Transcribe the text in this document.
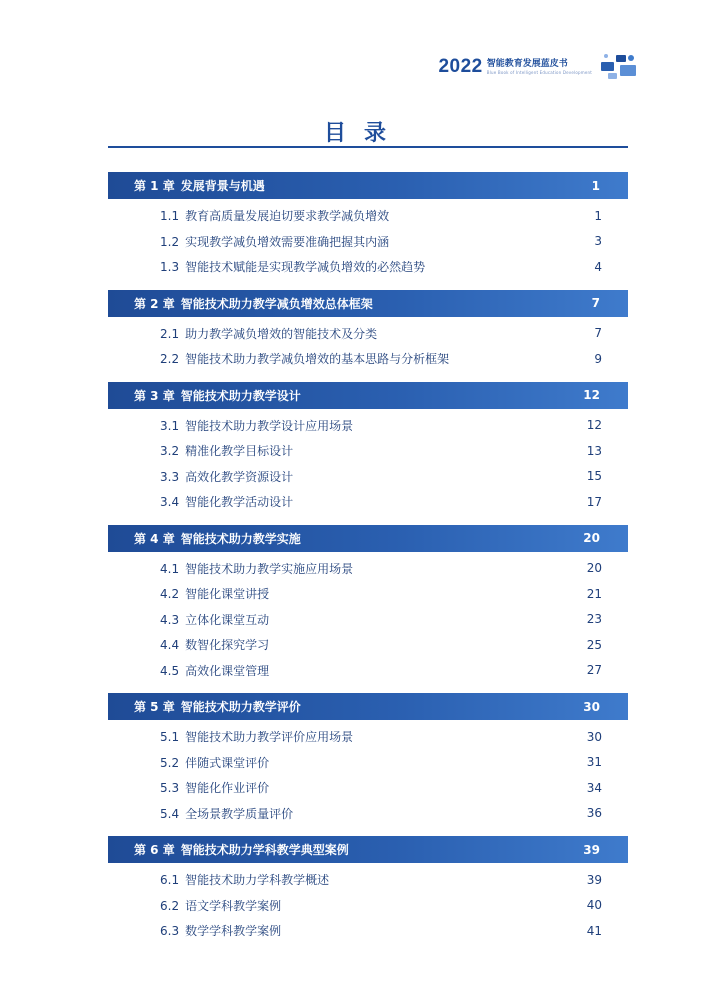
2022 智能教育发展蓝皮书
Blue Book of Intelligent Education Development
目录
第 1 章 发展背景与机遇	1
1.1 教育高质量发展迫切要求教学减负增效	1
1.2 实现教学减负增效需要准确把握其内涵	3
1.3 智能技术赋能是实现教学减负增效的必然趋势	4
第 2 章 智能技术助力教学减负增效总体框架	7
2.1 助力教学减负增效的智能技术及分类	7
2.2 智能技术助力教学减负增效的基本思路与分析框架	9
第 3 章 智能技术助力教学设计	12
3.1 智能技术助力教学设计应用场景	12
3.2 精准化教学目标设计	13
3.3 高效化教学资源设计	15
3.4 智能化教学活动设计	17
第 4 章 智能技术助力教学实施	20
4.1 智能技术助力教学实施应用场景	20
4.2 智能化课堂讲授	21
4.3 立体化课堂互动	23
4.4 数智化探究学习	25
4.5 高效化课堂管理	27
第 5 章 智能技术助力教学评价	30
5.1 智能技术助力教学评价应用场景	30
5.2 伴随式课堂评价	31
5.3 智能化作业评价	34
5.4 全场景教学质量评价	36
第 6 章 智能技术助力学科教学典型案例	39
6.1 智能技术助力学科教学概述	39
6.2 语文学科教学案例	40
6.3 数学学科教学案例	41
